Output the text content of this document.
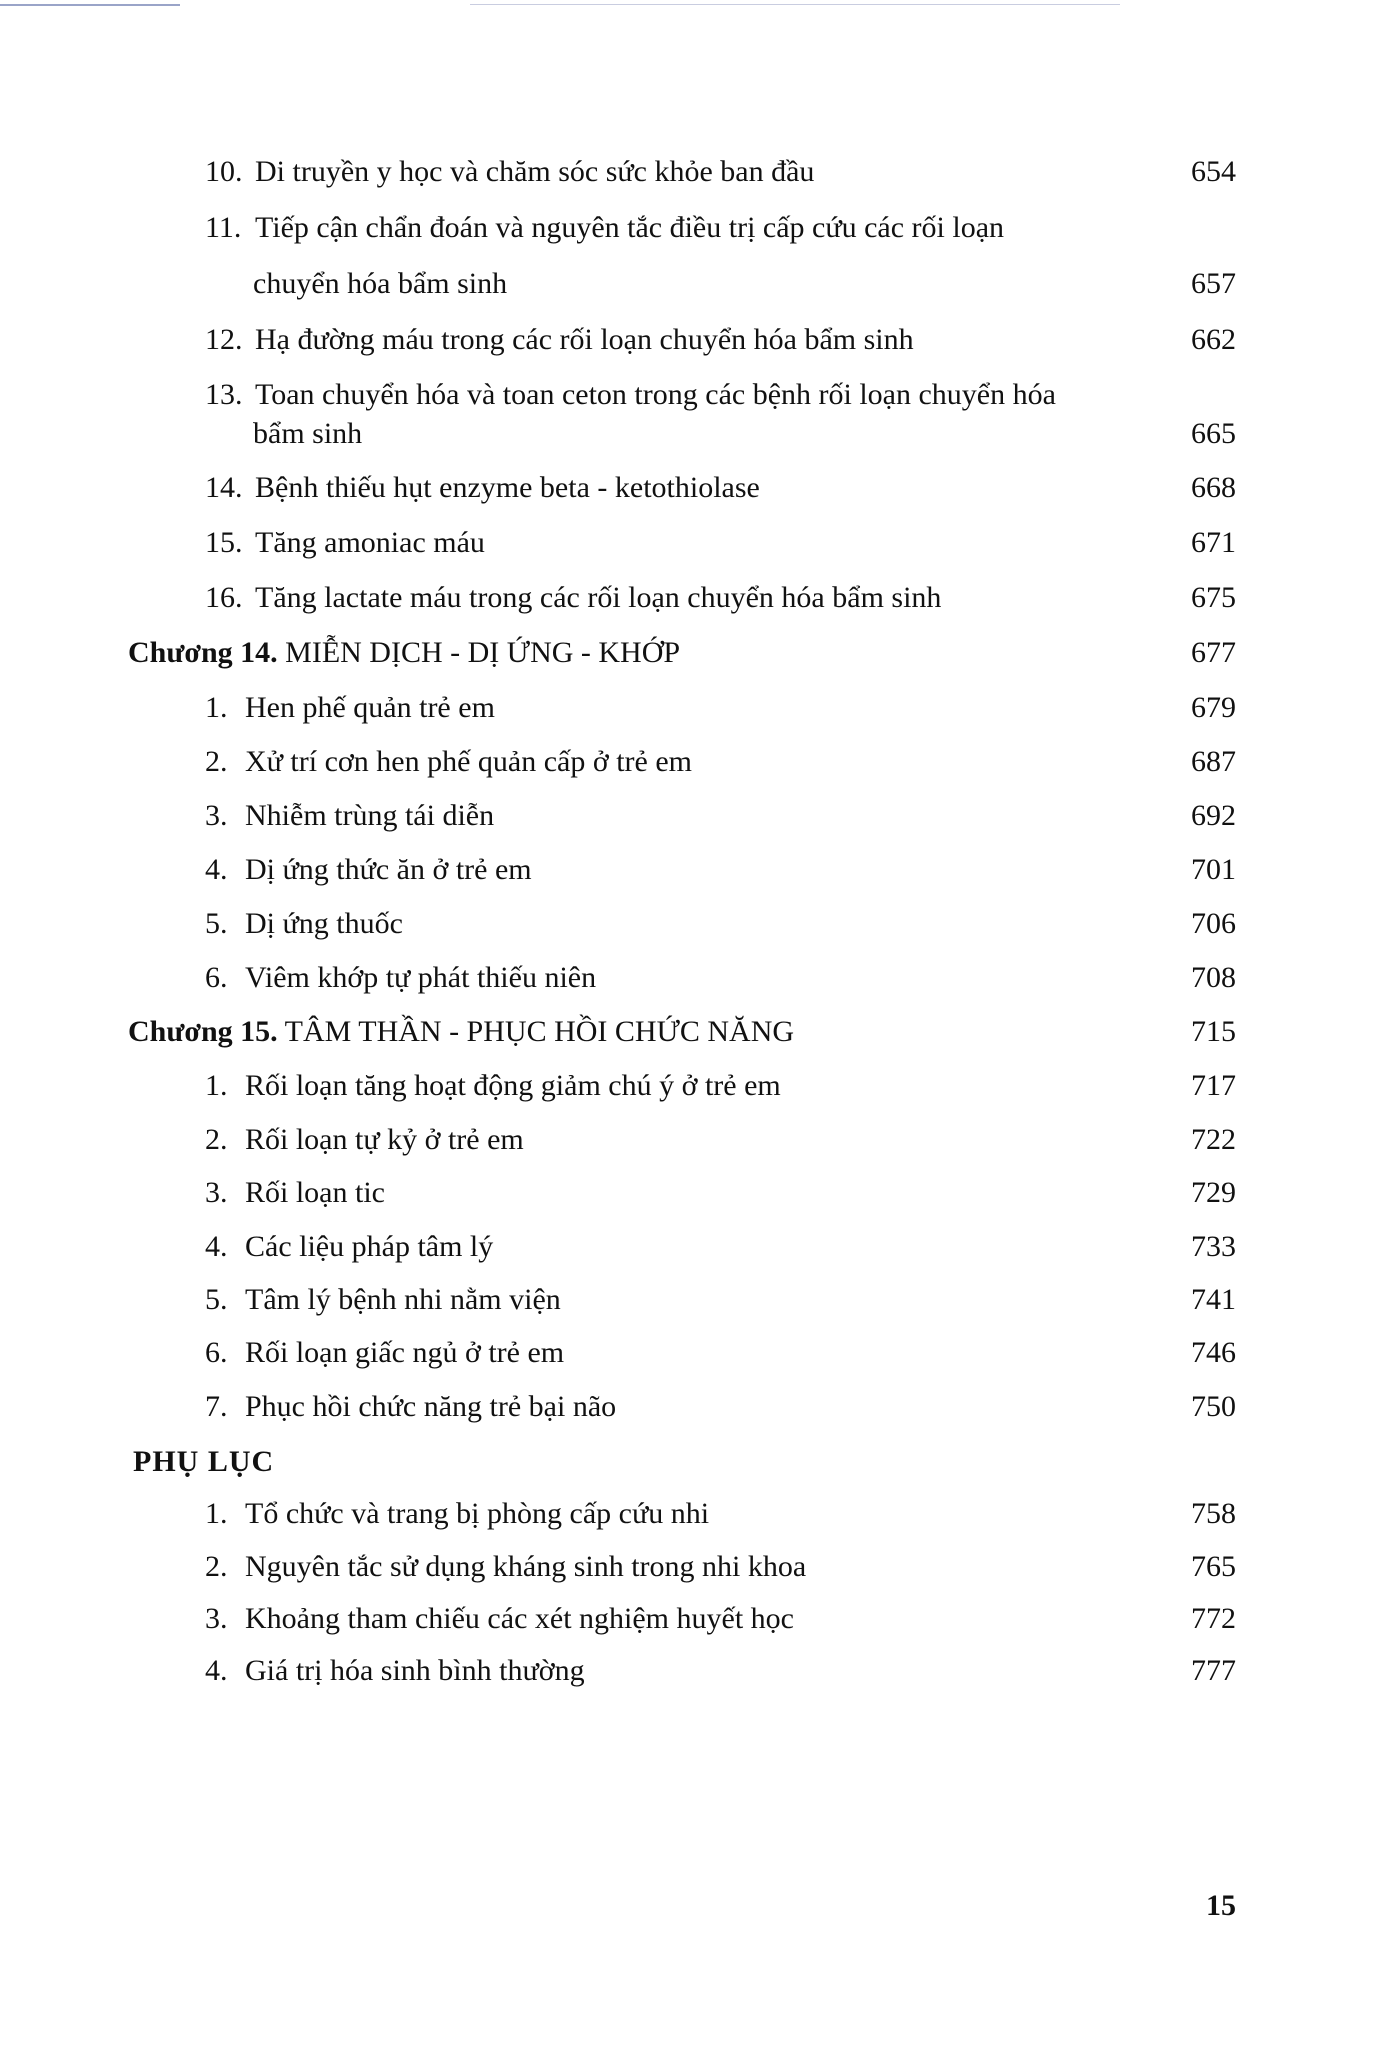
10. Di truyền y học và chăm sóc sức khỏe ban đầu	654
11. Tiếp cận chẩn đoán và nguyên tắc điều trị cấp cứu các rối loạn
chuyển hóa bẩm sinh	657
12. Hạ đường máu trong các rối loạn chuyển hóa bẩm sinh	662
13. Toan chuyển hóa và toan ceton trong các bệnh rối loạn chuyển hóa
bẩm sinh	665
14. Bệnh thiếu hụt enzyme beta - ketothiolase	668
15. Tăng amoniac máu	671
16. Tăng lactate máu trong các rối loạn chuyển hóa bẩm sinh	675
Chương 14. MIỄN DỊCH - DỊ ỨNG - KHỚP	677
1. Hen phế quản trẻ em	679
2. Xử trí cơn hen phế quản cấp ở trẻ em	687
3. Nhiễm trùng tái diễn	692
4. Dị ứng thức ăn ở trẻ em	701
5. Dị ứng thuốc	706
6. Viêm khớp tự phát thiếu niên	708
Chương 15. TÂM THẦN - PHỤC HỒI CHỨC NĂNG	715
1. Rối loạn tăng hoạt động giảm chú ý ở trẻ em	717
2. Rối loạn tự kỷ ở trẻ em	722
3. Rối loạn tic	729
4. Các liệu pháp tâm lý	733
5. Tâm lý bệnh nhi nằm viện	741
6. Rối loạn giấc ngủ ở trẻ em	746
7. Phục hồi chức năng trẻ bại não	750
PHỤ LỤC
1. Tổ chức và trang bị phòng cấp cứu nhi	758
2. Nguyên tắc sử dụng kháng sinh trong nhi khoa	765
3. Khoảng tham chiếu các xét nghiệm huyết học	772
4. Giá trị hóa sinh bình thường	777
15
